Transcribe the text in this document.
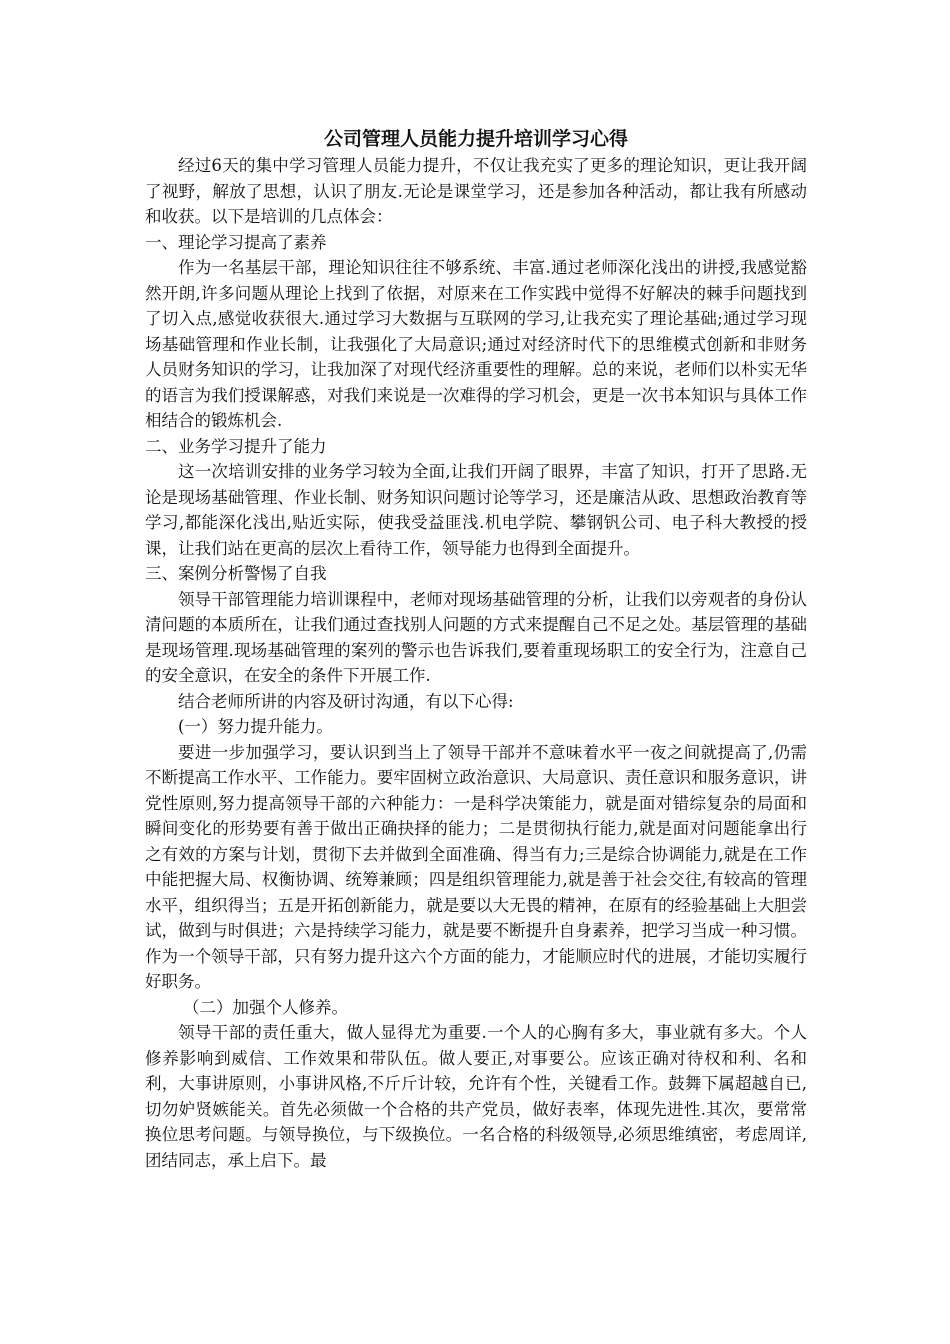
公司管理人员能力提升培训学习心得

经过6天的集中学习管理人员能力提升，不仅让我充实了更多的理论知识，更让我开阔了视野，解放了思想，认识了朋友.无论是课堂学习，还是参加各种活动，都让我有所感动和收获。以下是培训的几点体会：

一、理论学习提高了素养

作为一名基层干部，理论知识往往不够系统、丰富.通过老师深化浅出的讲授,我感觉豁然开朗,许多问题从理论上找到了依据，对原来在工作实践中觉得不好解决的棘手问题找到了切入点,感觉收获很大.通过学习大数据与互联网的学习,让我充实了理论基础;通过学习现场基础管理和作业长制，让我强化了大局意识;通过对经济时代下的思维模式创新和非财务人员财务知识的学习，让我加深了对现代经济重要性的理解。总的来说，老师们以朴实无华的语言为我们授课解惑，对我们来说是一次难得的学习机会，更是一次书本知识与具体工作相结合的锻炼机会.

二、业务学习提升了能力

这一次培训安排的业务学习较为全面,让我们开阔了眼界，丰富了知识，打开了思路.无论是现场基础管理、作业长制、财务知识问题讨论等学习，还是廉洁从政、思想政治教育等学习,都能深化浅出,贴近实际，使我受益匪浅.机电学院、攀钢钒公司、电子科大教授的授课，让我们站在更高的层次上看待工作，领导能力也得到全面提升。

三、案例分析警惕了自我

领导干部管理能力培训课程中，老师对现场基础管理的分析，让我们以旁观者的身份认清问题的本质所在，让我们通过查找别人问题的方式来提醒自己不足之处。基层管理的基础是现场管理.现场基础管理的案列的警示也告诉我们,要着重现场职工的安全行为，注意自己的安全意识，在安全的条件下开展工作.

结合老师所讲的内容及研讨沟通，有以下心得:

(一）努力提升能力。

要进一步加强学习，要认识到当上了领导干部并不意味着水平一夜之间就提高了,仍需不断提高工作水平、工作能力。要牢固树立政治意识、大局意识、责任意识和服务意识，讲党性原则,努力提高领导干部的六种能力：一是科学决策能力，就是面对错综复杂的局面和瞬间变化的形势要有善于做出正确抉择的能力；二是贯彻执行能力,就是面对问题能拿出行之有效的方案与计划，贯彻下去并做到全面准确、得当有力;三是综合协调能力,就是在工作中能把握大局、权衡协调、统筹兼顾；四是组织管理能力,就是善于社会交往,有较高的管理水平，组织得当；五是开拓创新能力，就是要以大无畏的精神，在原有的经验基础上大胆尝试，做到与时俱进；六是持续学习能力，就是要不断提升自身素养，把学习当成一种习惯。作为一个领导干部，只有努力提升这六个方面的能力，才能顺应时代的进展，才能切实履行好职务。

（二）加强个人修养。

领导干部的责任重大，做人显得尤为重要.一个人的心胸有多大，事业就有多大。个人修养影响到威信、工作效果和带队伍。做人要正,对事要公。应该正确对待权和利、名和利，大事讲原则，小事讲风格,不斤斤计较，允许有个性，关键看工作。鼓舞下属超越自已,切勿妒贤嫉能关。首先必须做一个合格的共产党员，做好表率，体现先进性.其次，要常常换位思考问题。与领导换位，与下级换位。一名合格的科级领导,必须思维缜密，考虑周详,团结同志，承上启下。最
